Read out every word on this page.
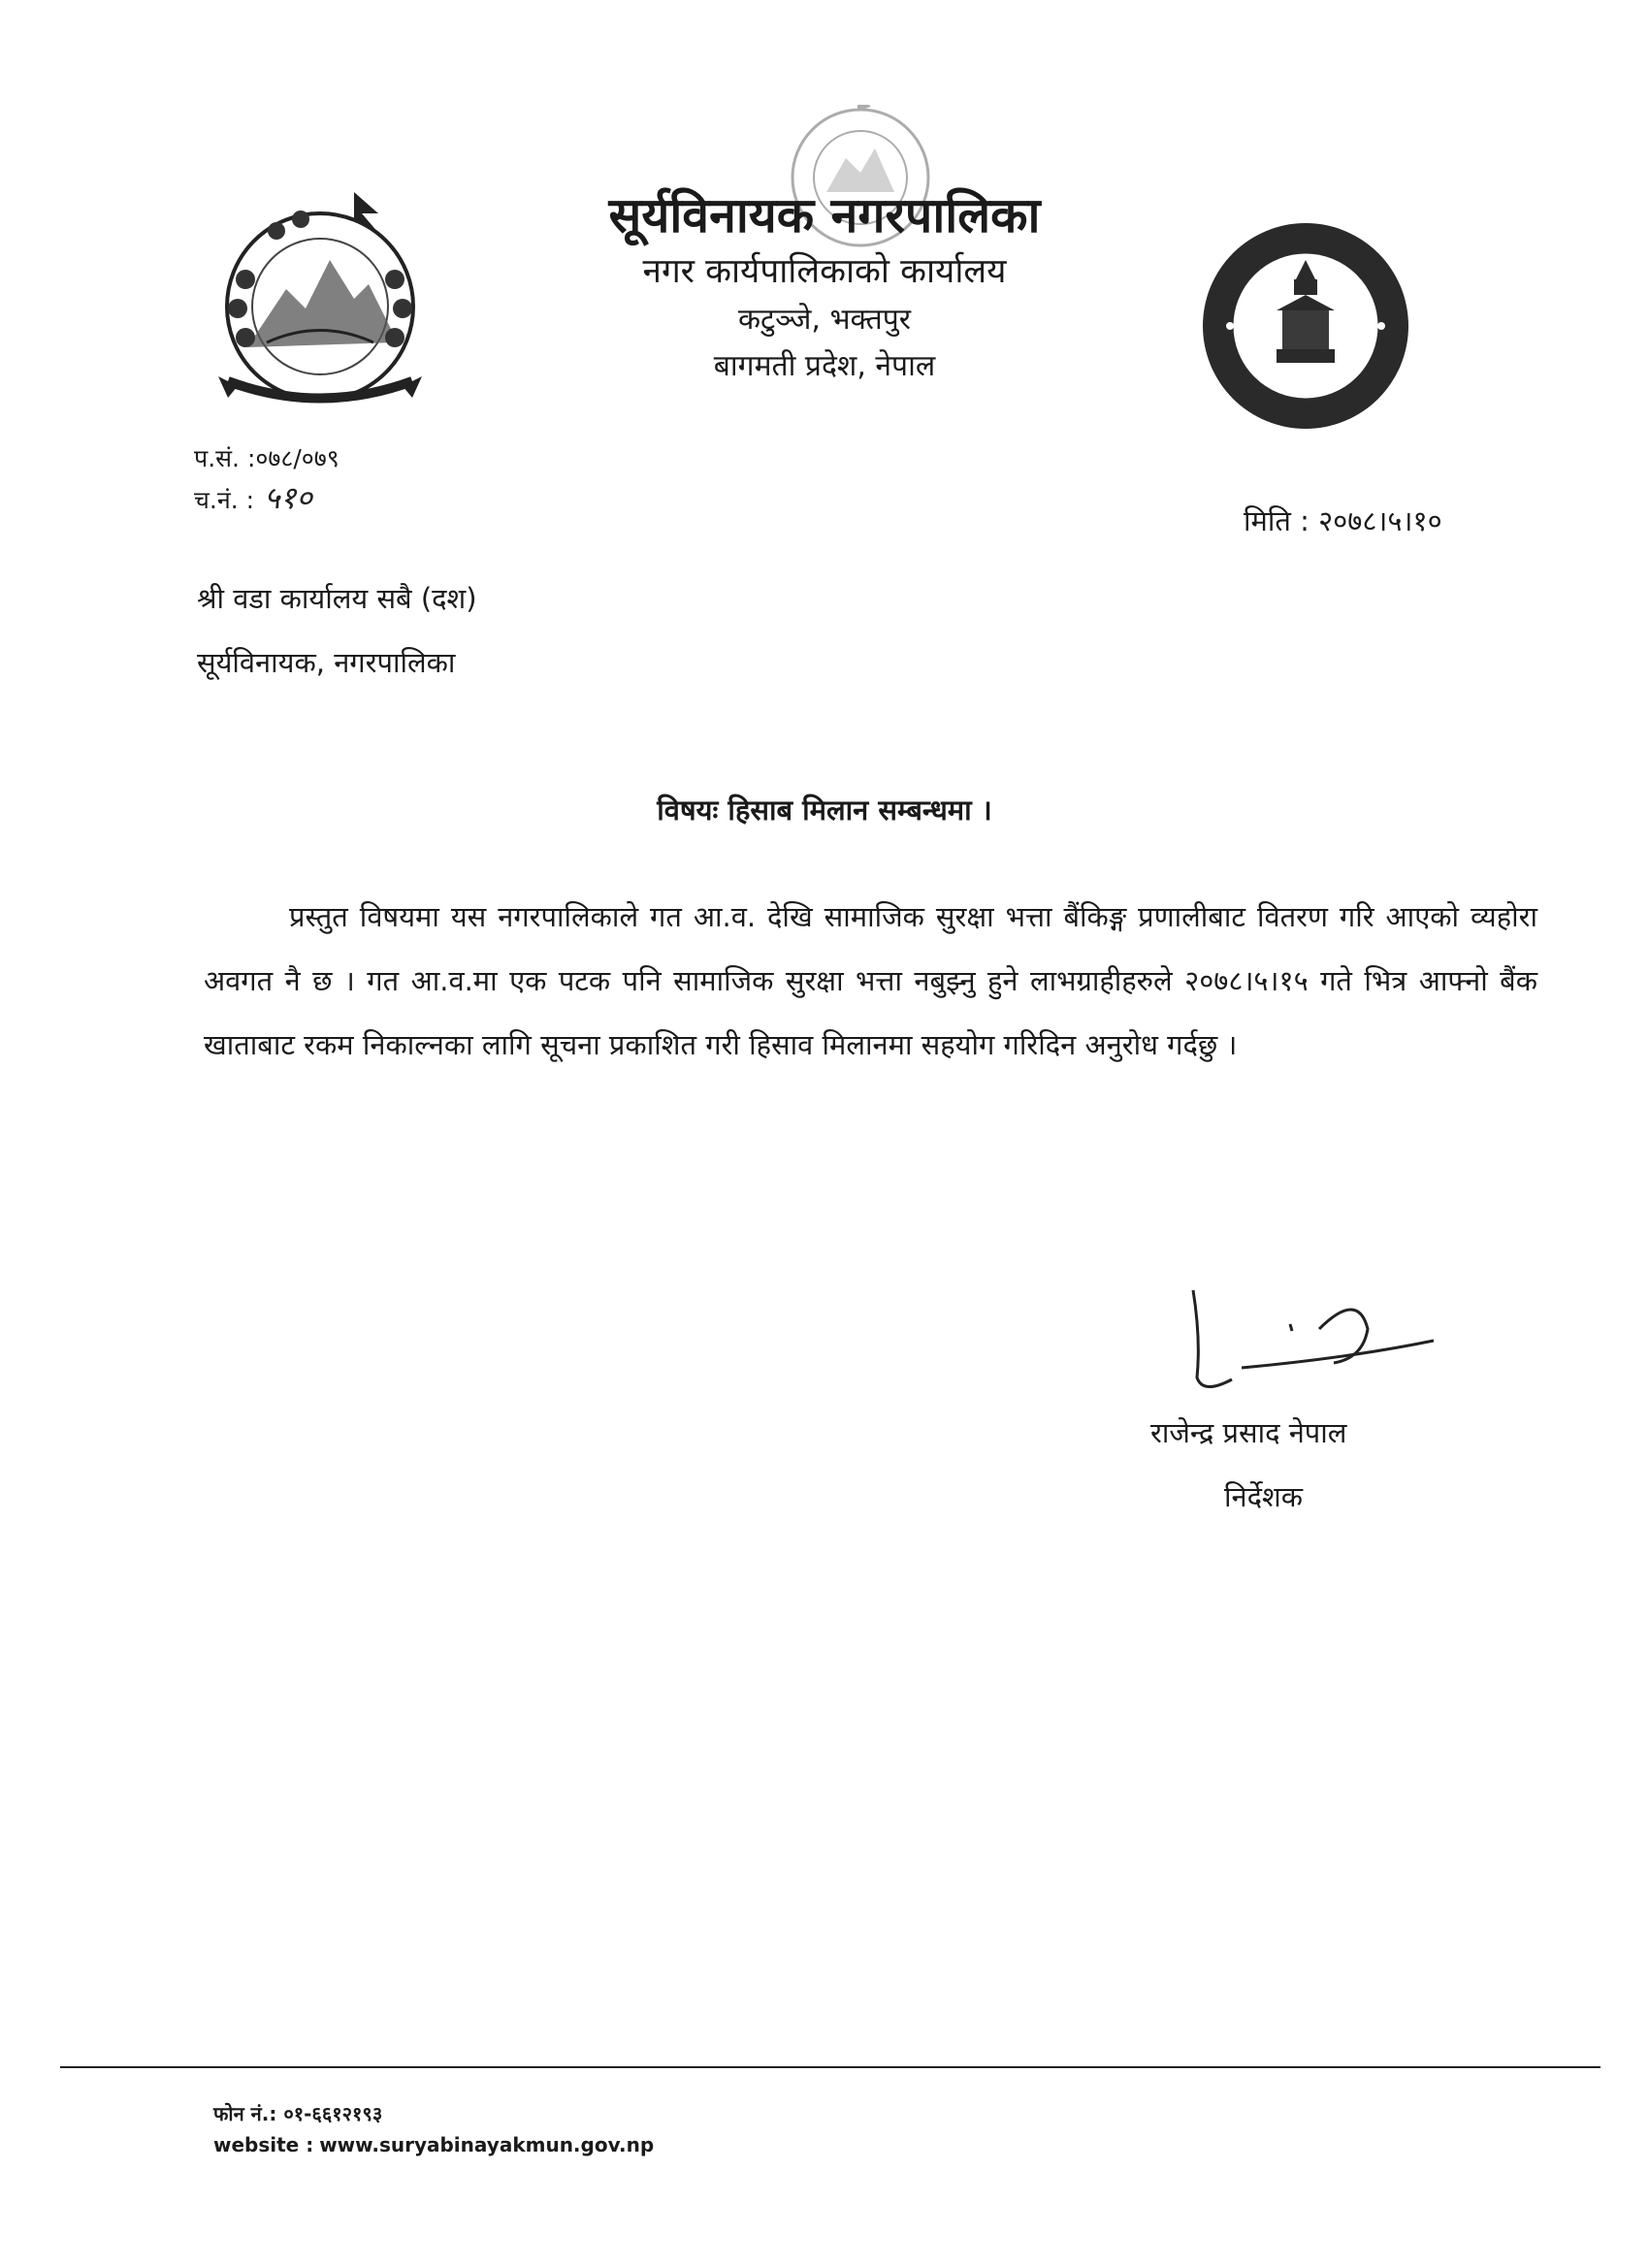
सूर्यविनायक नगरपालिका
नगर कार्यपालिकाको कार्यालय
कटुञ्जे, भक्तपुर
बागमती प्रदेश, नेपाल
प.सं. :०७८/०७९
च.नं. : ५१०
मिति : २०७८।५।१०
श्री वडा कार्यालय सबै (दश)
सूर्यविनायक, नगरपालिका
विषयः हिसाब मिलान सम्बन्धमा ।

प्रस्तुत विषयमा यस नगरपालिकाले गत आ.व. देखि सामाजिक सुरक्षा भत्ता बैंकिङ्ग प्रणालीबाट वितरण गरि आएको व्यहोरा अवगत नै छ । गत आ.व.मा एक पटक पनि सामाजिक सुरक्षा भत्ता नबुझ्नु हुने लाभग्राहीहरुले २०७८।५।१५ गते भित्र आफ्नो बैंक खाताबाट रकम निकाल्नका लागि सूचना प्रकाशित गरी हिसाव मिलानमा सहयोग गरिदिन अनुरोध गर्दछु ।

राजेन्द्र प्रसाद नेपाल
निर्देशक
फोन नं.: ०१-६६१२१९३
website : www.suryabinayakmun.gov.np
